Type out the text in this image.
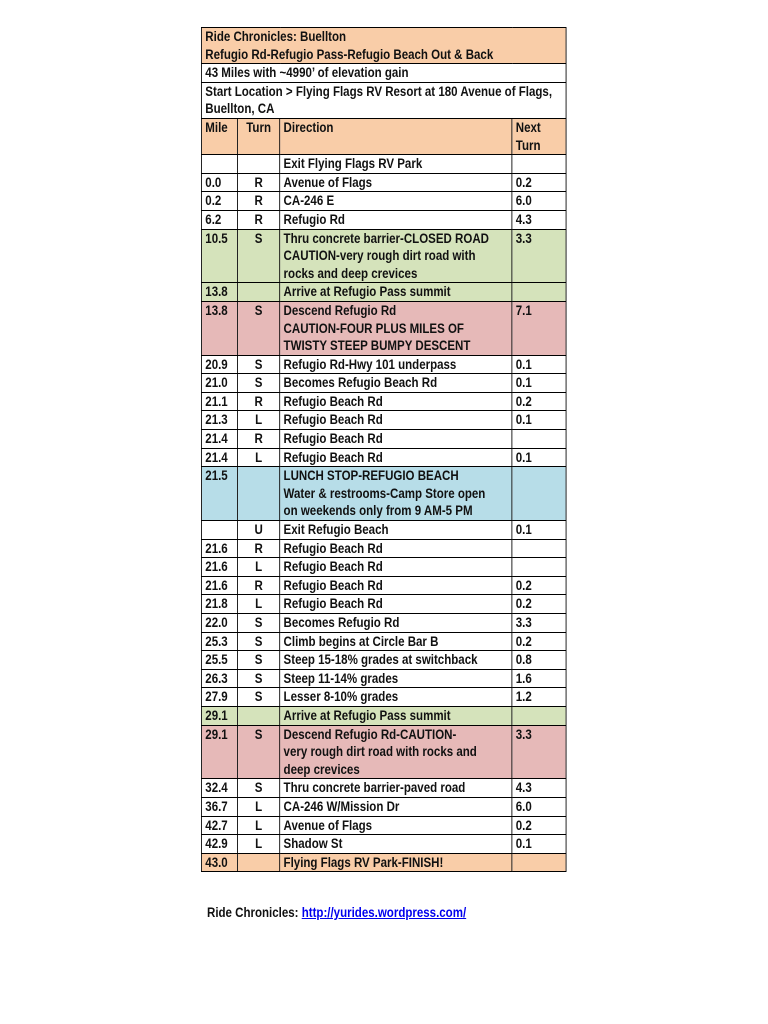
Ride Chronicles: Buellton
Refugio Rd-Refugio Pass-Refugio Beach Out & Back			
43 Miles with ~4990’ of elevation gain			
Start Location > Flying Flags RV Resort at 180 Avenue of Flags, Buellton, CA			
Mile	Turn	Direction	Next
Turn
		Exit Flying Flags RV Park	
0.0	R	Avenue of Flags	0.2
0.2	R	CA-246 E	6.0
6.2	R	Refugio Rd	4.3
10.5	S	Thru concrete barrier-CLOSED ROAD
CAUTION-very rough dirt road with
rocks and deep crevices	3.3
13.8		Arrive at Refugio Pass summit	
13.8	S	Descend Refugio Rd
CAUTION-FOUR PLUS MILES OF
TWISTY STEEP BUMPY DESCENT	7.1
20.9	S	Refugio Rd-Hwy 101 underpass	0.1
21.0	S	Becomes Refugio Beach Rd	0.1
21.1	R	Refugio Beach Rd	0.2
21.3	L	Refugio Beach Rd	0.1
21.4	R	Refugio Beach Rd	
21.4	L	Refugio Beach Rd	0.1
21.5		LUNCH STOP-REFUGIO BEACH
Water & restrooms-Camp Store open
on weekends only from 9 AM-5 PM	
	U	Exit Refugio Beach	0.1
21.6	R	Refugio Beach Rd	
21.6	L	Refugio Beach Rd	
21.6	R	Refugio Beach Rd	0.2
21.8	L	Refugio Beach Rd	0.2
22.0	S	Becomes Refugio Rd	3.3
25.3	S	Climb begins at Circle Bar B	0.2
25.5	S	Steep 15-18% grades at switchback	0.8
26.3	S	Steep 11-14% grades	1.6
27.9	S	Lesser 8-10% grades	1.2
29.1		Arrive at Refugio Pass summit	
29.1	S	Descend Refugio Rd-CAUTION-
very rough dirt road with rocks and
deep crevices	3.3
32.4	S	Thru concrete barrier-paved road	4.3
36.7	L	CA-246 W/Mission Dr	6.0
42.7	L	Avenue of Flags	0.2
42.9	L	Shadow St	0.1
43.0		Flying Flags RV Park-FINISH!	
Ride Chronicles: http://yurides.wordpress.com/
